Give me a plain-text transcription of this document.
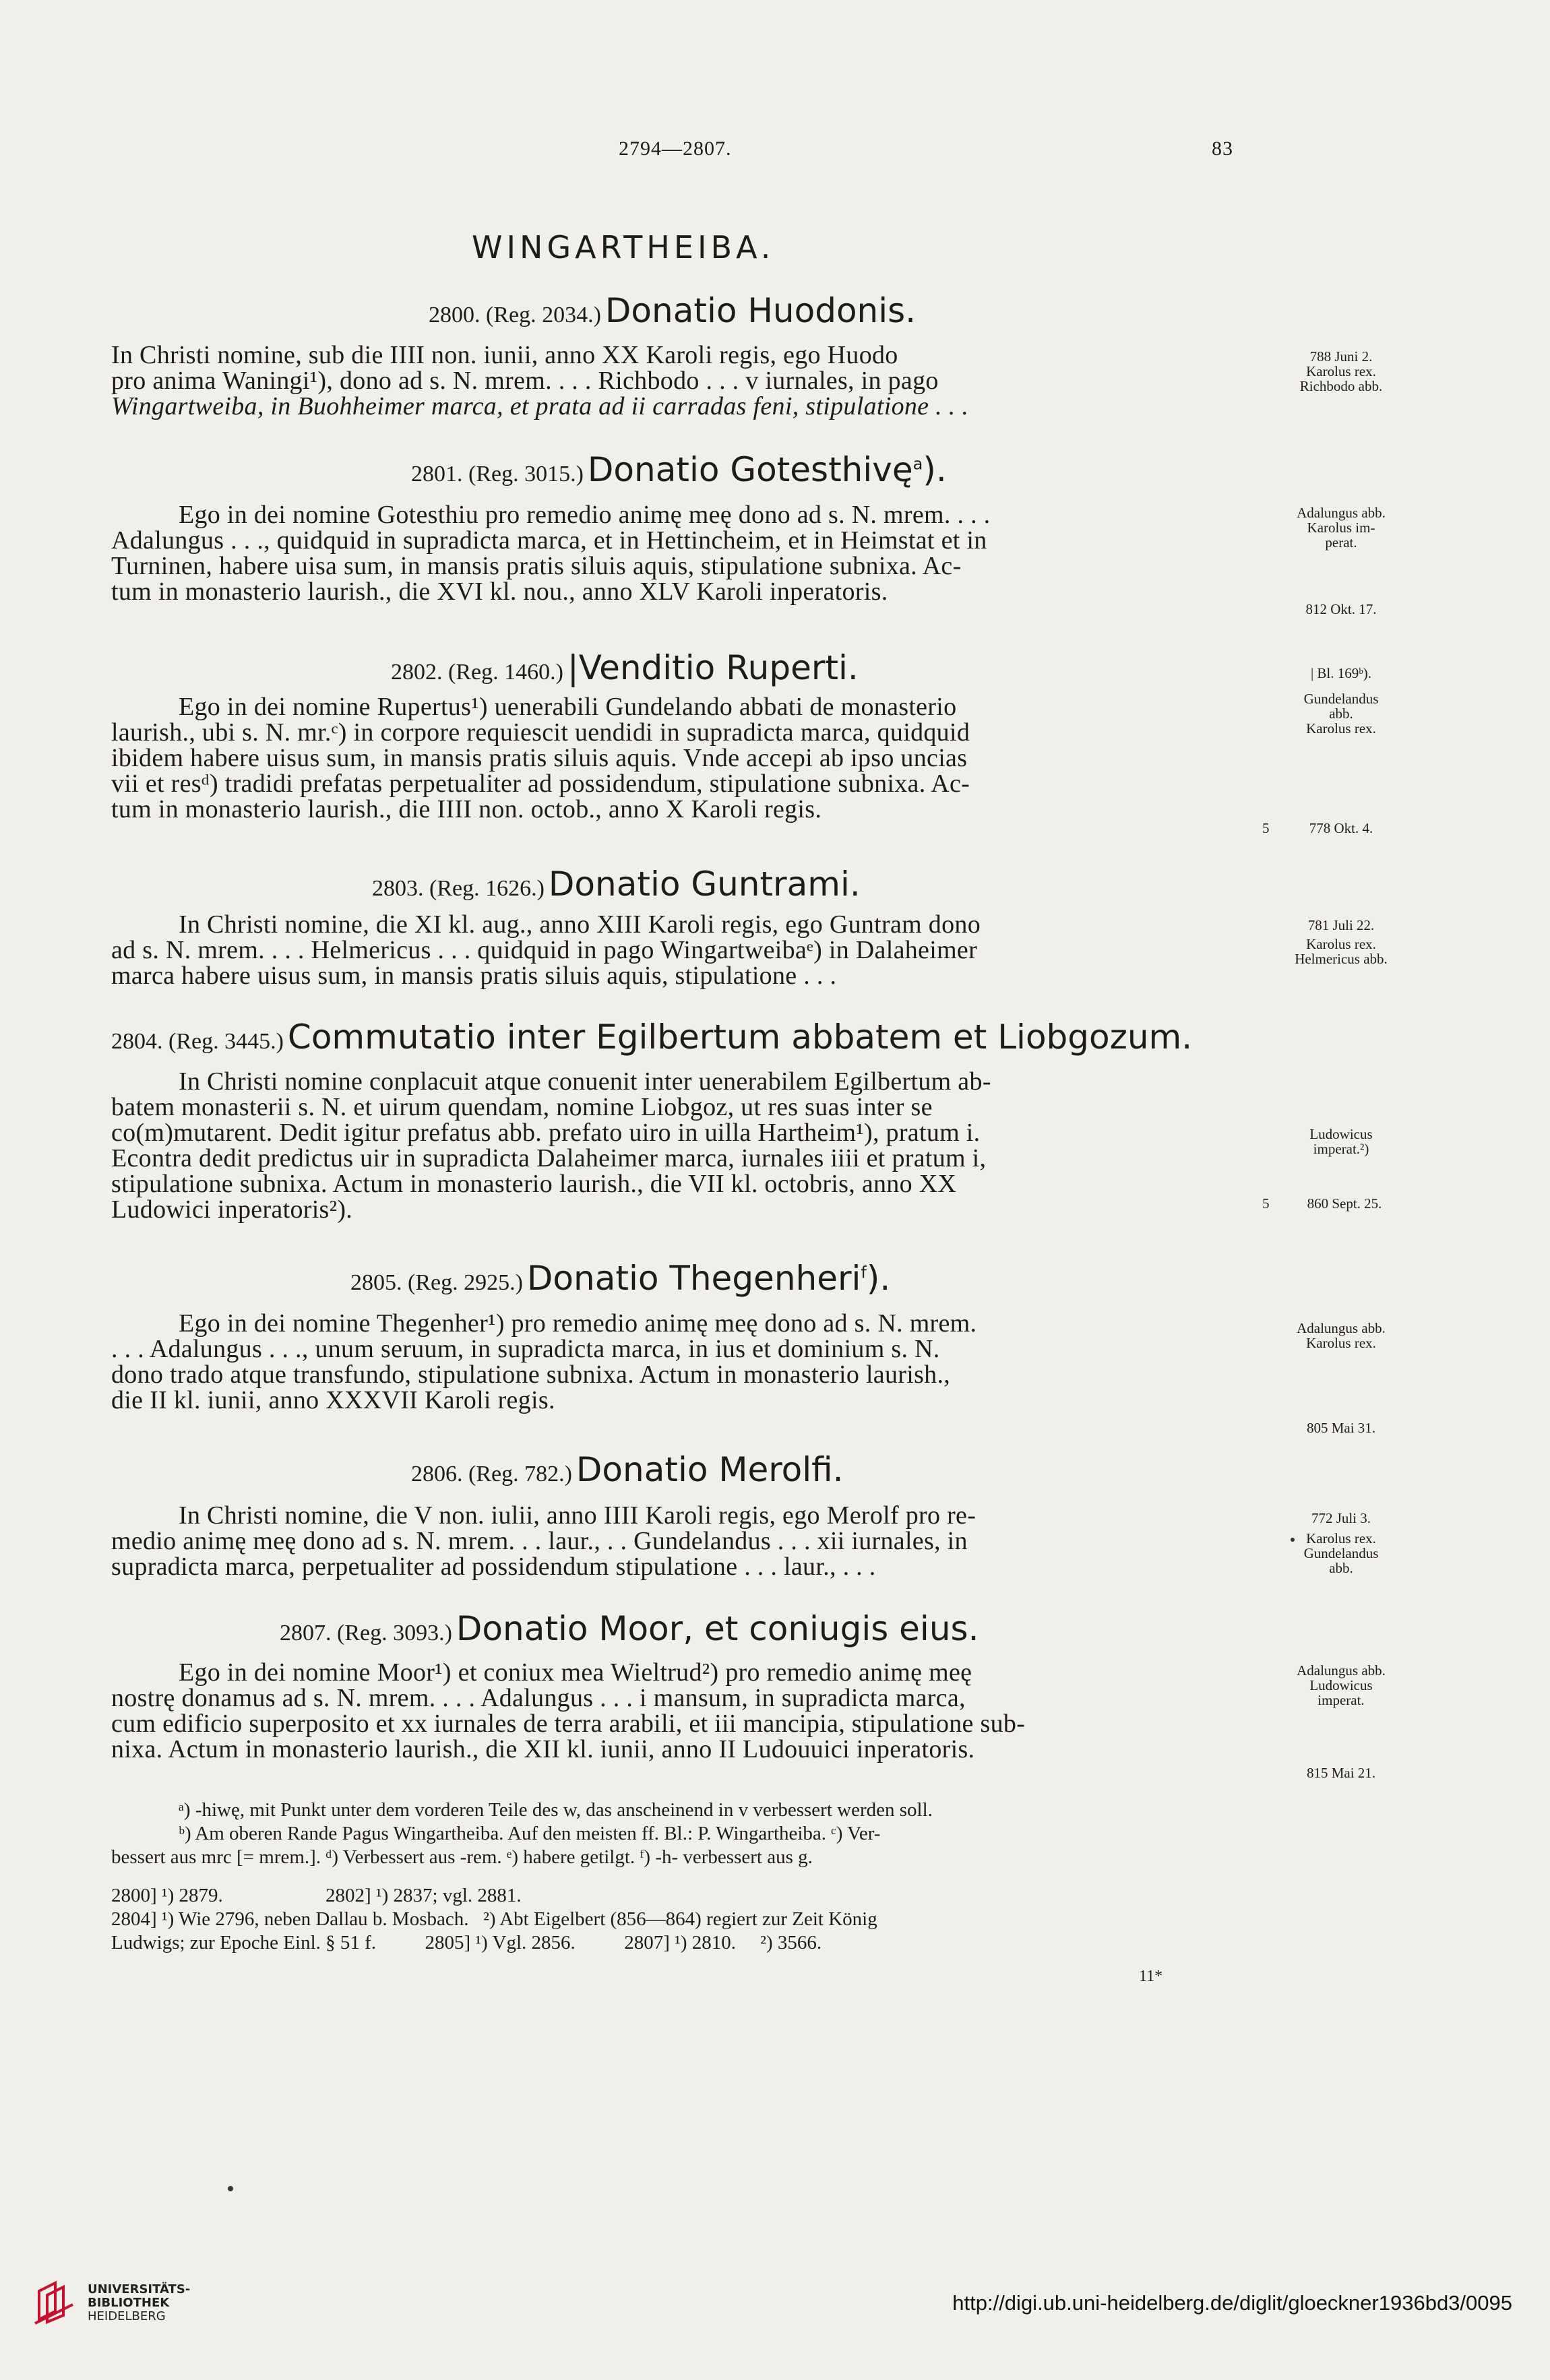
2794—2807.	83
WINGARTHEIBA.
2800. (Reg. 2034.) Donatio Huodonis.
In Christi nomine, sub die IIII non. iunii, anno XX Karoli regis, ego Huodo
pro anima Waningi¹), dono ad s. N. mrem. . . . Richbodo . . . v iurnales, in pago
Wingartweiba, in Buohheimer marca, et prata ad ii carradas feni, stipulatione . . .
788 Juni 2.
Karolus rex.
Richbodo abb.
2801. (Reg. 3015.) Donatio Gotesthivę$^a$).
Ego in dei nomine Gotesthiu pro remedio animę meę dono ad s. N. mrem. . . .
Adalungus . . ., quidquid in supradicta marca, et in Hettincheim, et in Heimstat et in
Turninen, habere uisa sum, in mansis pratis siluis aquis, stipulatione subnixa. Ac-
tum in monasterio laurish., die XVI kl. nou., anno XLV Karoli inperatoris.
Adalungus abb.
Karolus im-
perat.
812 Okt. 17.
2802. (Reg. 1460.) |Venditio Ruperti.
Ego in dei nomine Rupertus¹) uenerabili Gundelando abbati de monasterio
laurish., ubi s. N. mr.ᶜ) in corpore requiescit uendidi in supradicta marca, quidquid
ibidem habere uisus sum, in mansis pratis siluis aquis. Vnde accepi ab ipso uncias
vii et resᵈ) tradidi prefatas perpetualiter ad possidendum, stipulatione subnixa. Ac-
tum in monasterio laurish., die IIII non. octob., anno X Karoli regis.
| Bl. 169ᵇ).
Gundelandus
abb.
Karolus rex.
5	778 Okt. 4.
2803. (Reg. 1626.) Donatio Guntrami.
In Christi nomine, die XI kl. aug., anno XIII Karoli regis, ego Guntram dono
ad s. N. mrem. . . . Helmericus . . . quidquid in pago Wingartweibaᵉ) in Dalaheimer
marca habere uisus sum, in mansis pratis siluis aquis, stipulatione . . .
781 Juli 22.
Karolus rex.
Helmericus abb.
2804. (Reg. 3445.) Commutatio inter Egilbertum abbatem et Liobgozum.
In Christi nomine conplacuit atque conuenit inter uenerabilem Egilbertum ab-
batem monasterii s. N. et uirum quendam, nomine Liobgoz, ut res suas inter se
co(m)mutarent. Dedit igitur prefatus abb. prefato uiro in uilla Hartheim¹), pratum i.
Econtra dedit predictus uir in supradicta Dalaheimer marca, iurnales iiii et pratum i,
stipulatione subnixa. Actum in monasterio laurish., die VII kl. octobris, anno XX
Ludowici inperatoris²).
Ludowicus
imperat.²)
5	860 Sept. 25.
2805. (Reg. 2925.) Donatio Thegenheri$^f$).
Ego in dei nomine Thegenher¹) pro remedio animę meę dono ad s. N. mrem.
. . . Adalungus . . ., unum seruum, in supradicta marca, in ius et dominium s. N.
dono trado atque transfundo, stipulatione subnixa. Actum in monasterio laurish.,
die II kl. iunii, anno XXXVII Karoli regis.
Adalungus abb.
Karolus rex.
805 Mai 31.
2806. (Reg. 782.) Donatio Merolfi.
In Christi nomine, die V non. iulii, anno IIII Karoli regis, ego Merolf pro re-
medio animę meę dono ad s. N. mrem. . . laur., . . Gundelandus . . . xii iurnales, in
supradicta marca, perpetualiter ad possidendum stipulatione . . . laur., . . .
772 Juli 3.
Karolus rex.
Gundelandus
abb.
2807. (Reg. 3093.) Donatio Moor, et coniugis eius.
Ego in dei nomine Moor¹) et coniux mea Wieltrud²) pro remedio animę meę
nostrę donamus ad s. N. mrem. . . . Adalungus . . . i mansum, in supradicta marca,
cum edificio superposito et xx iurnales de terra arabili, et iii mancipia, stipulatione sub-
nixa. Actum in monasterio laurish., die XII kl. iunii, anno II Ludouuici inperatoris.
Adalungus abb.
Ludowicus
imperat.
815 Mai 21.
ᵃ) -hiwę, mit Punkt unter dem vorderen Teile des w, das anscheinend in v verbessert werden soll.
ᵇ) Am oberen Rande Pagus Wingartheiba. Auf den meisten ff. Bl.: P. Wingartheiba. ᶜ) Ver-
bessert aus mrc [= mrem.]. ᵈ) Verbessert aus -rem. ᵉ) habere getilgt. ᶠ) -h- verbessert aus g.
2800] ¹) 2879.                     2802] ¹) 2837; vgl. 2881.
2804] ¹) Wie 2796, neben Dallau b. Mosbach.   ²) Abt Eigelbert (856—864) regiert zur Zeit König
Ludwigs; zur Epoche Einl. § 51 f.          2805] ¹) Vgl. 2856.          2807] ¹) 2810.     ²) 3566.
11*
UNIVERSITÄTS-
BIBLIOTHEK
HEIDELBERG
http://digi.ub.uni-heidelberg.de/diglit/gloeckner1936bd3/0095
